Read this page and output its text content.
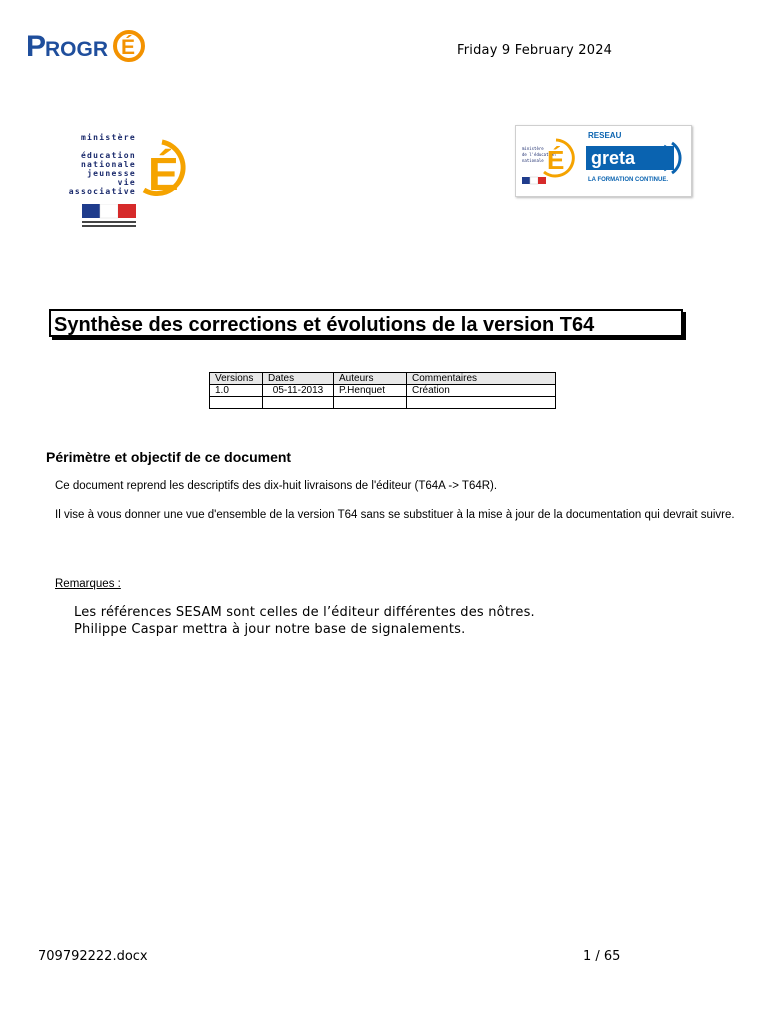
P
ROGR É	Friday 9 February 2024
ministère
éducation
nationale
jeunesse
vie associative É
RESEAU
ministère
de l'éducation
nationale É greta
LA FORMATION CONTINUE.
Synthèse des corrections et évolutions de la version T64
Versions	Dates	Auteurs	Commentaires
1.0	05-11-2013	P.Henquet	Création

Périmètre et objectif de ce document
Ce document reprend les descriptifs des dix-huit livraisons de l'éditeur (T64A -> T64R).
Il vise à vous donner une vue d'ensemble de la version T64 sans se substituer à la mise à jour de la documentation qui devrait suivre.
Remarques :
Les références SESAM sont celles de l’éditeur différentes des nôtres.
Philippe Caspar mettra à jour notre base de signalements.
709792222.docx	1 / 65
